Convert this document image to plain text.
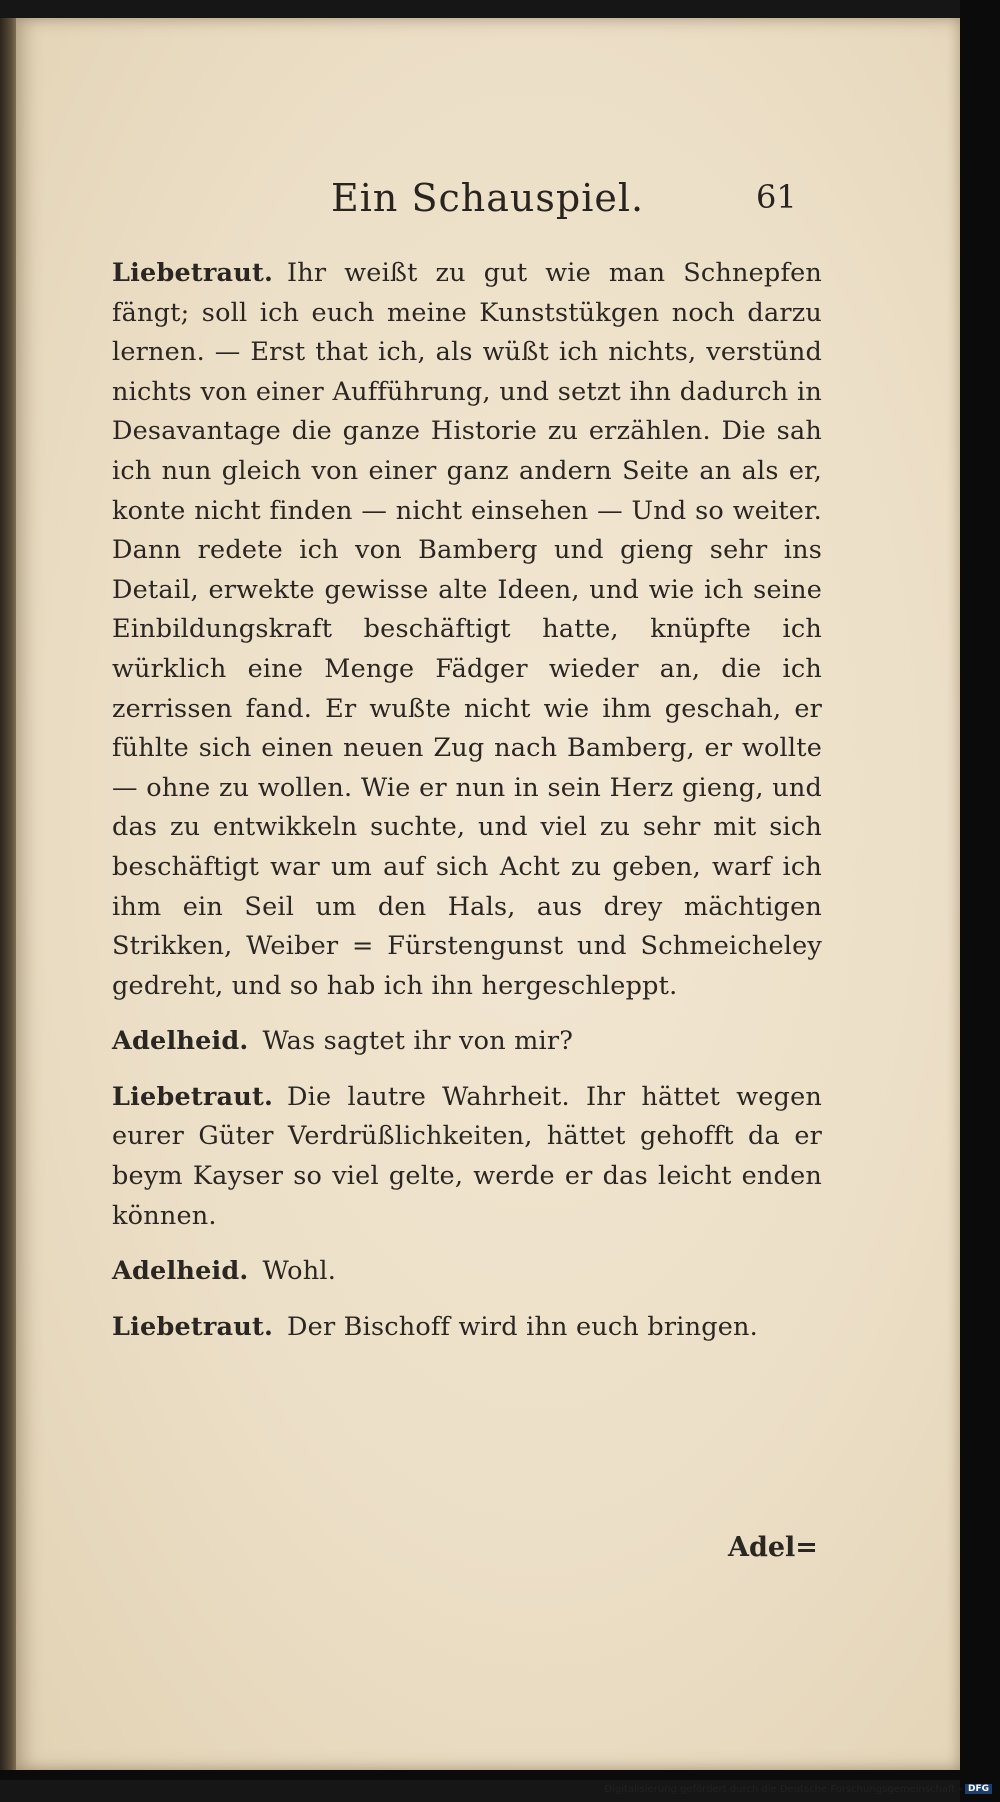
Ein Schauspiel.	61

Liebetraut. Ihr weißt zu gut wie man Schnepfen fängt; soll ich euch meine Kunststükgen noch darzu lernen. — Erst that ich, als wüßt ich nichts, verstünd nichts von einer Aufführung, und setzt ihn dadurch in Desavantage die ganze Historie zu erzählen. Die sah ich nun gleich von einer ganz andern Seite an als er, konte nicht finden — nicht einsehen — Und so weiter. Dann redete ich von Bamberg und gieng sehr ins Detail, erwekte gewisse alte Ideen, und wie ich seine Einbildungskraft beschäftigt hatte, knüpfte ich würklich eine Menge Fädger wieder an, die ich zerrissen fand. Er wußte nicht wie ihm geschah, er fühlte sich einen neuen Zug nach Bamberg, er wollte — ohne zu wollen. Wie er nun in sein Herz gieng, und das zu entwikkeln suchte, und viel zu sehr mit sich beschäftigt war um auf sich Acht zu geben, warf ich ihm ein Seil um den Hals, aus drey mächtigen Strikken, Weiber = Fürstengunst und Schmeicheley gedreht, und so hab ich ihn hergeschleppt.

Adelheid. Was sagtet ihr von mir?

Liebetraut. Die lautre Wahrheit. Ihr hättet wegen eurer Güter Verdrüßlichkeiten, hättet gehofft da er beym Kayser so viel gelte, werde er das leicht enden können.

Adelheid. Wohl.

Liebetraut. Der Bischoff wird ihn euch bringen.

Adel=
Digitalisierung gefördert durch die Deutsche Forschungsgemeinschaft - DFG
